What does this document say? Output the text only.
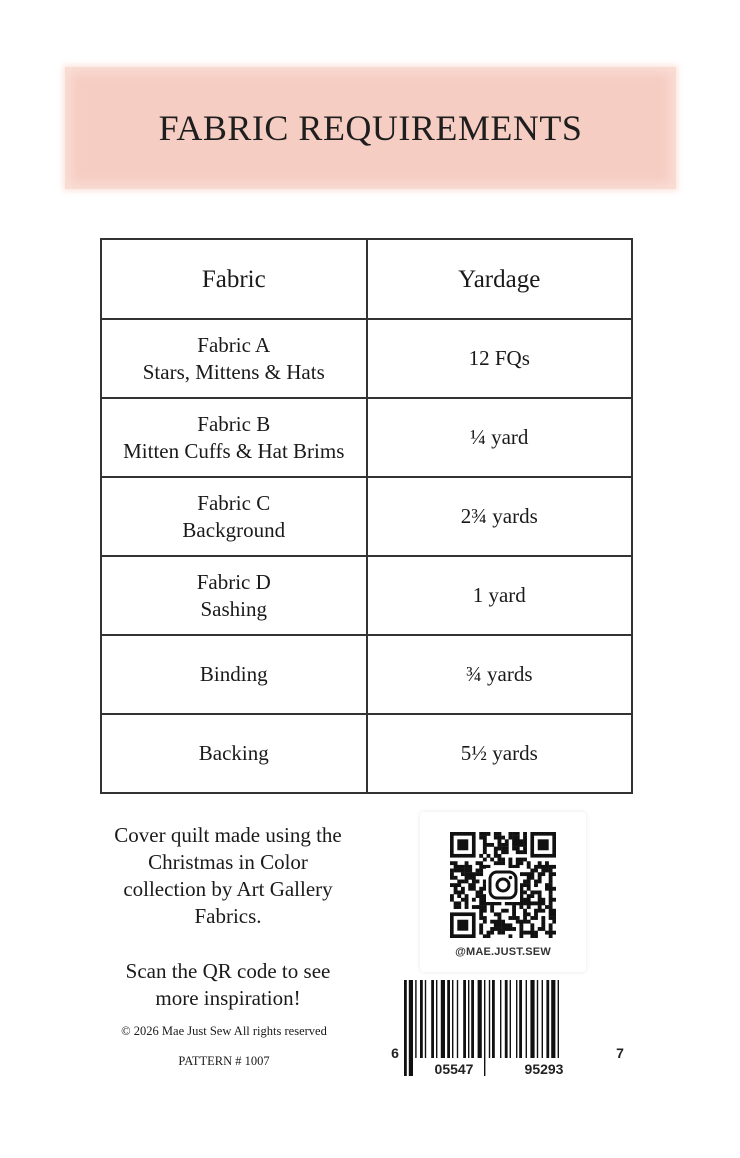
FABRIC REQUIREMENTS
Fabric	Yardage

Fabric A
Stars, Mittens & Hats	12 FQs

Fabric B
Mitten Cuffs & Hat Brims	¼ yard

Fabric C
Background	2¾ yards

Fabric D
Sashing	1 yard

Binding	¾ yards

Backing	5½ yards

Cover quilt made using the Christmas in Color collection by Art Gallery Fabrics.

Scan the QR code to see more inspiration!

© 2026 Mae Just Sew All rights reserved
PATTERN # 1007
@MAE.JUST.SEW
6
05547	95293
7
